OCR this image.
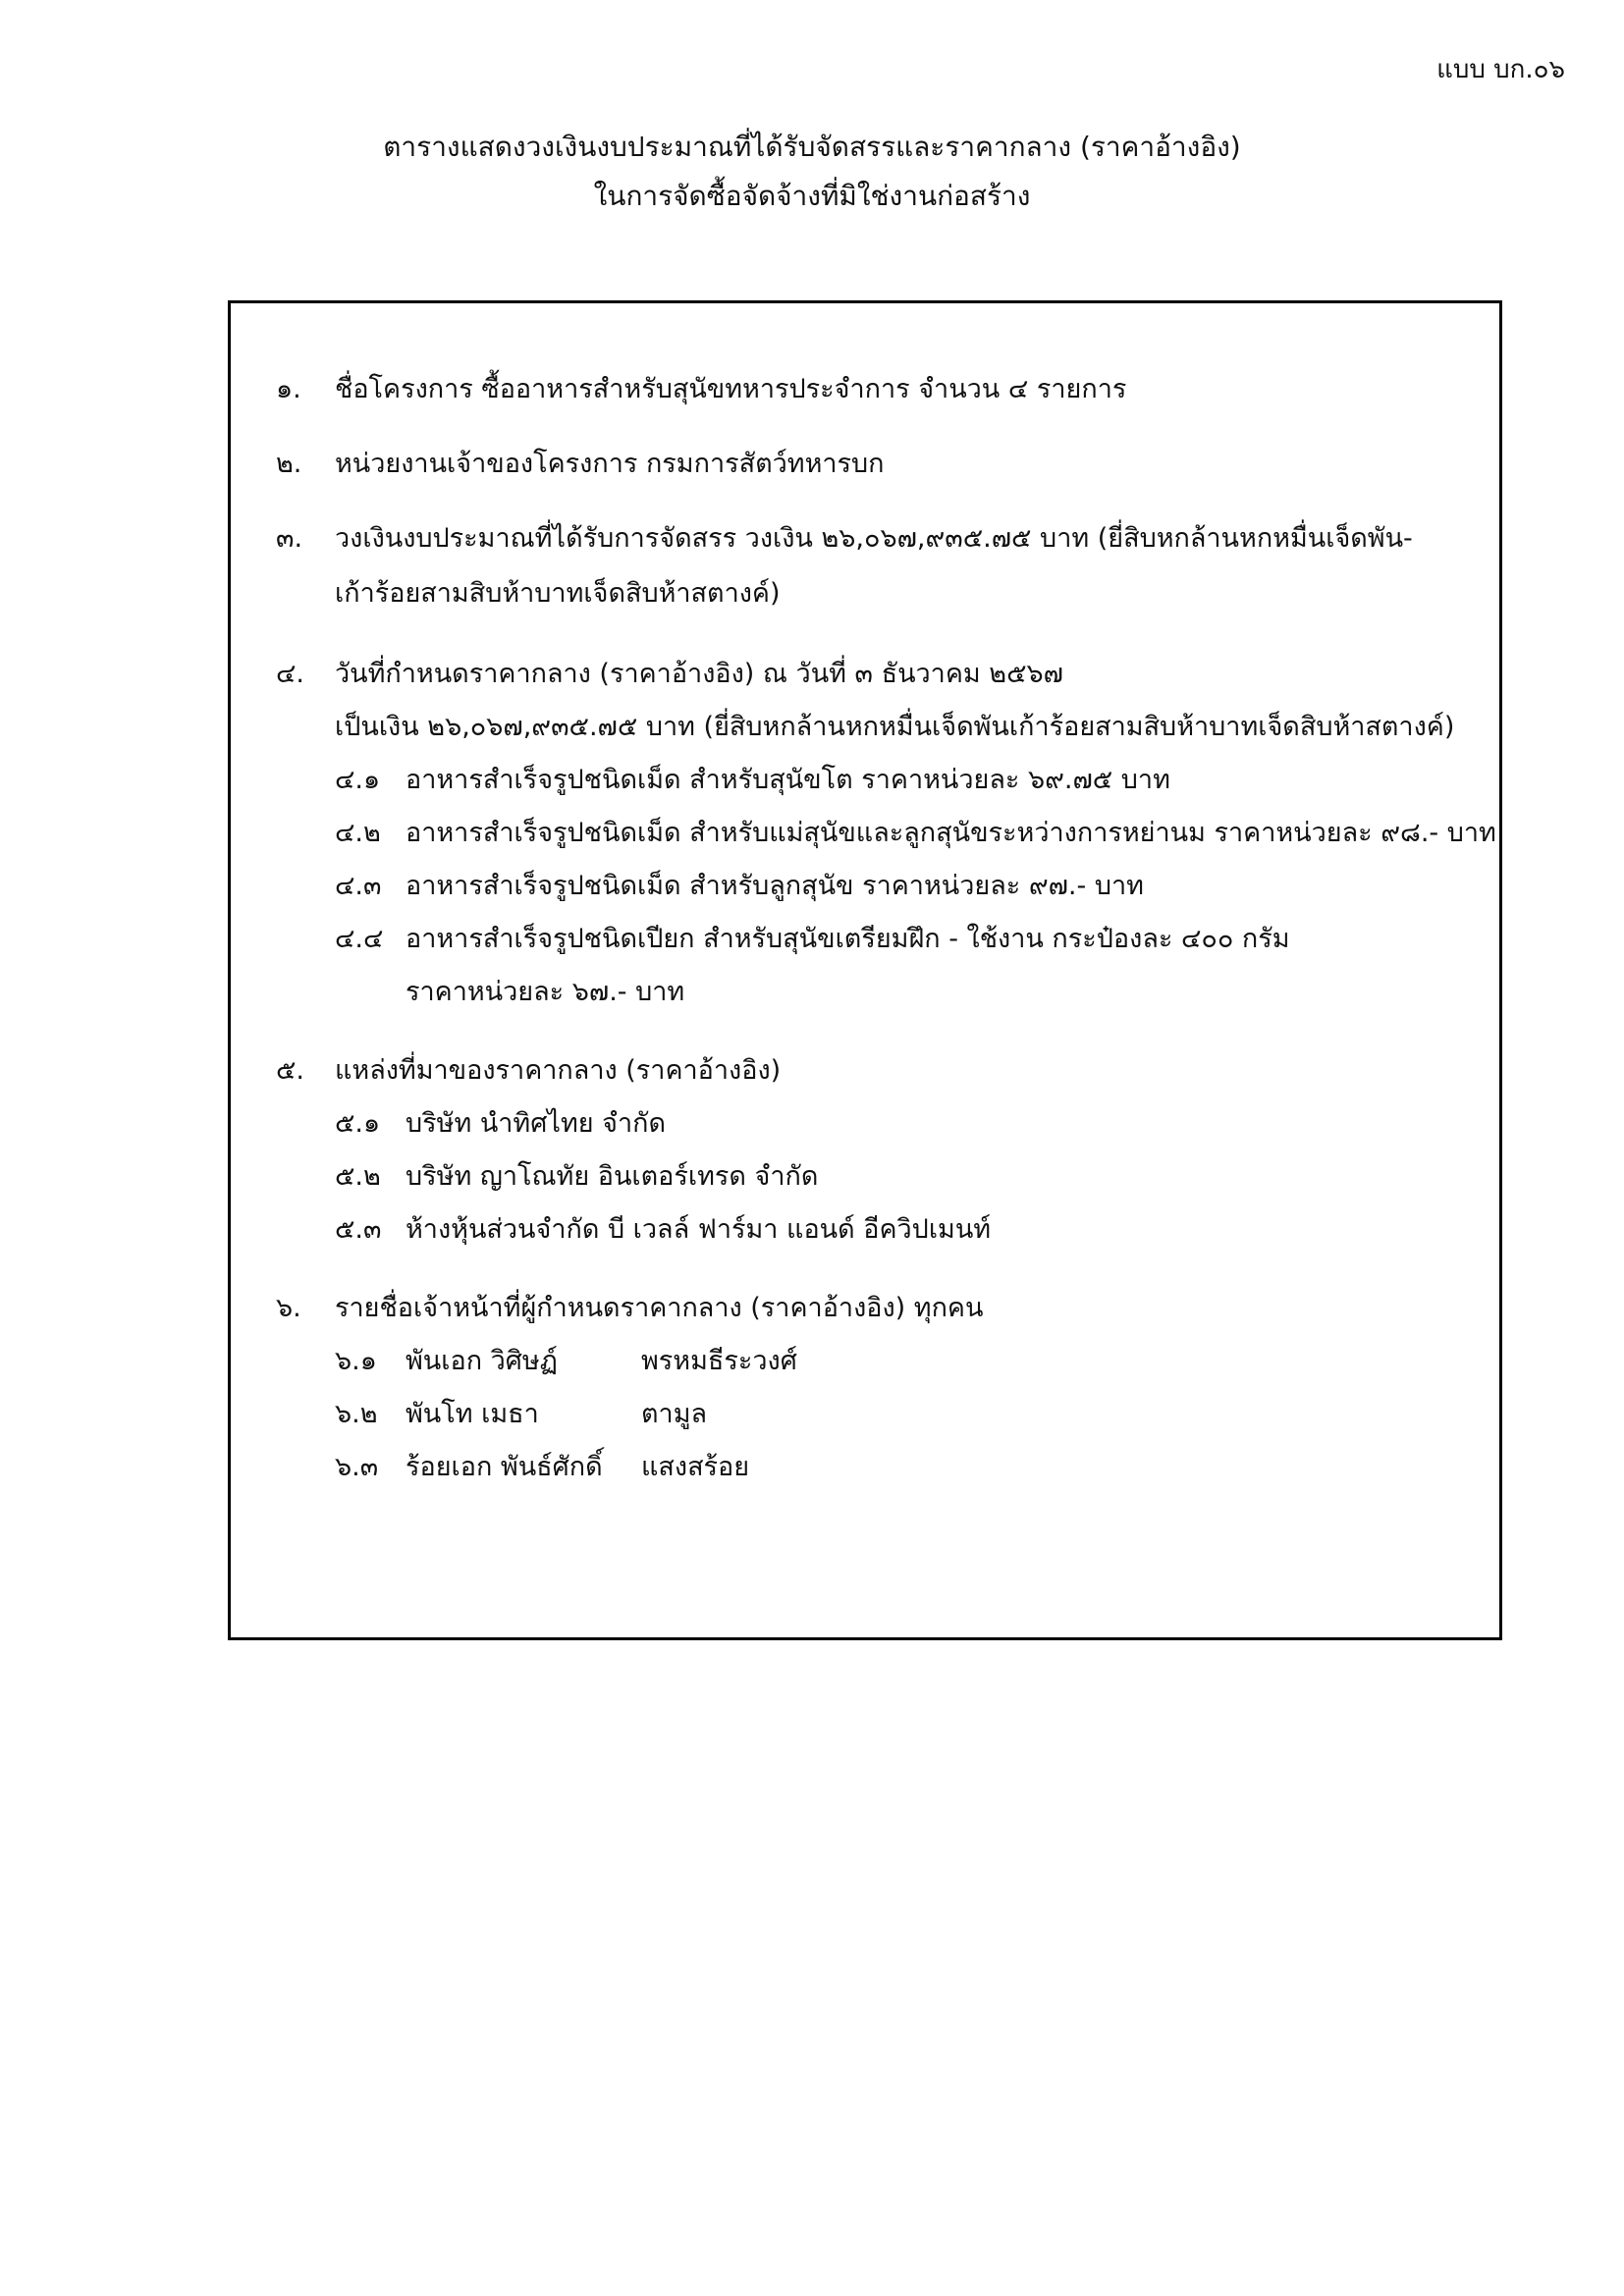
แบบ บก.๐๖
ตารางแสดงวงเงินงบประมาณที่ได้รับจัดสรรและราคากลาง (ราคาอ้างอิง)
ในการจัดซื้อจัดจ้างที่มิใช่งานก่อสร้าง
๑. ชื่อโครงการ ซื้ออาหารสำหรับสุนัขทหารประจำการ จำนวน ๔ รายการ
๒. หน่วยงานเจ้าของโครงการ กรมการสัตว์ทหารบก
๓. วงเงินงบประมาณที่ได้รับการจัดสรร วงเงิน ๒๖,๐๖๗,๙๓๕.๗๕ บาท (ยี่สิบหกล้านหกหมื่นเจ็ดพัน-
เก้าร้อยสามสิบห้าบาทเจ็ดสิบห้าสตางค์)
๔. วันที่กำหนดราคากลาง (ราคาอ้างอิง) ณ วันที่ ๓ ธันวาคม ๒๕๖๗
เป็นเงิน ๒๖,๐๖๗,๙๓๕.๗๕ บาท (ยี่สิบหกล้านหกหมื่นเจ็ดพันเก้าร้อยสามสิบห้าบาทเจ็ดสิบห้าสตางค์)
๔.๑ อาหารสำเร็จรูปชนิดเม็ด สำหรับสุนัขโต ราคาหน่วยละ ๖๙.๗๕ บาท
๔.๒ อาหารสำเร็จรูปชนิดเม็ด สำหรับแม่สุนัขและลูกสุนัขระหว่างการหย่านม ราคาหน่วยละ ๙๘.- บาท
๔.๓ อาหารสำเร็จรูปชนิดเม็ด สำหรับลูกสุนัข ราคาหน่วยละ ๙๗.- บาท
๔.๔ อาหารสำเร็จรูปชนิดเปียก สำหรับสุนัขเตรียมฝึก - ใช้งาน กระป๋องละ ๔๐๐ กรัม
ราคาหน่วยละ ๖๗.- บาท
๕. แหล่งที่มาของราคากลาง (ราคาอ้างอิง)
๕.๑ บริษัท นำทิศไทย จำกัด
๕.๒ บริษัท ญาโณทัย อินเตอร์เทรด จำกัด
๕.๓ ห้างหุ้นส่วนจำกัด บี เวลล์ ฟาร์มา แอนด์ อีควิปเมนท์
๖. รายชื่อเจ้าหน้าที่ผู้กำหนดราคากลาง (ราคาอ้างอิง) ทุกคน
๖.๑ พันเอก วิศิษฏ์	พรหมธีระวงศ์
๖.๒ พันโท เมธา	ตามูล
๖.๓ ร้อยเอก พันธ์ศักดิ์ แสงสร้อย
